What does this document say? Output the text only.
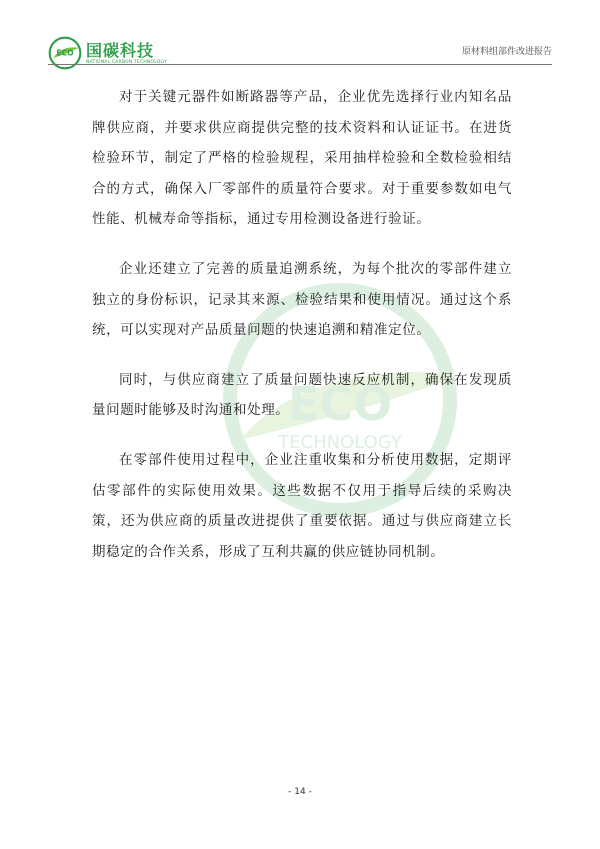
ECO 国碳科技
NATIONAL CARBON TECHNOLOGY
原材料组部件改进报告
ECO
TECHNOLOGY

对于关键元器件如断路器等产品，企业优先选择行业内知名品牌供应商，并要求供应商提供完整的技术资料和认证证书。在进货检验环节，制定了严格的检验规程，采用抽样检验和全数检验相结合的方式，确保入厂零部件的质量符合要求。对于重要参数如电气性能、机械寿命等指标，通过专用检测设备进行验证。

企业还建立了完善的质量追溯系统，为每个批次的零部件建立独立的身份标识，记录其来源、检验结果和使用情况。通过这个系统，可以实现对产品质量问题的快速追溯和精准定位。

同时，与供应商建立了质量问题快速反应机制，确保在发现质量问题时能够及时沟通和处理。

在零部件使用过程中，企业注重收集和分析使用数据，定期评估零部件的实际使用效果。这些数据不仅用于指导后续的采购决策，还为供应商的质量改进提供了重要依据。通过与供应商建立长期稳定的合作关系，形成了互利共赢的供应链协同机制。

- 14 -
